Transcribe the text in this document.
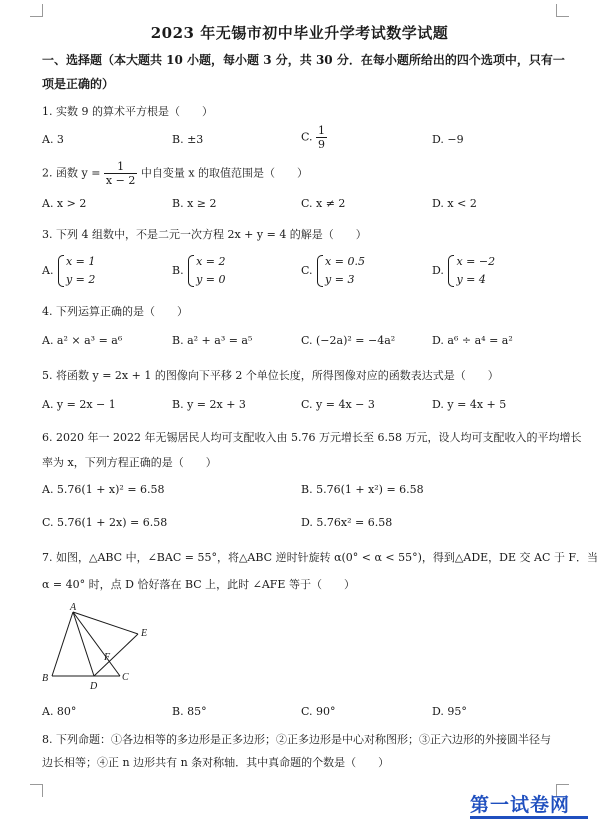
2023 年无锡市初中毕业升学考试数学试题
一、选择题（本大题共 10 小题，每小题 3 分，共 30 分．在每小题所给出的四个选项中，只有一项是正确的）
1. 实数 9 的算术平方根是（　　）
A. 3	B. ±3	C. $\frac{1}{9}$	D. −9
2. 函数 $y = \frac{1}{x - 2}$ 中自变量 x 的取值范围是（　　）
A. x > 2	B. x ≥ 2	C. x ≠ 2	D. x < 2
3. 下列 4 组数中，不是二元一次方程 2x + y = 4 的解是（　　）
A.
x = 1
y = 2
B.
x = 2
y = 0
C.
x = 0.5
y = 3
D.
x = −2
y = 4
4. 下列运算正确的是（　　）
A. a² × a³ = a⁶	B. a² + a³ = a⁵	C. (−2a)² = −4a²	D. a⁶ ÷ a⁴ = a²
5. 将函数 y = 2x + 1 的图像向下平移 2 个单位长度，所得图像对应的函数表达式是（　　）
A. y = 2x − 1	B. y = 2x + 3	C. y = 4x − 3	D. y = 4x + 5
6. 2020 年一 2022 年无锡居民人均可支配收入由 5.76 万元增长至 6.58 万元，设人均可支配收入的平均增长
率为 x，下列方程正确的是（　　）
A. 5.76(1 + x)² = 6.58	B. 5.76(1 + x²) = 6.58
C. 5.76(1 + 2x) = 6.58	D. 5.76x² = 6.58
7. 如图，△ABC 中，∠BAC = 55°，将△ABC 逆时针旋转 α(0° < α < 55°)，得到△ADE，DE 交 AC 于 F．当
α = 40° 时，点 D 恰好落在 BC 上，此时 ∠AFE 等于（　　）
A
B	C
D
E
F
A. 80°	B. 85°	C. 90°	D. 95°
8. 下列命题：①各边相等的多边形是正多边形；②正多边形是中心对称图形；③正六边形的外接圆半径与
边长相等；④正 n 边形共有 n 条对称轴．其中真命题的个数是（　　）
第一试卷网
